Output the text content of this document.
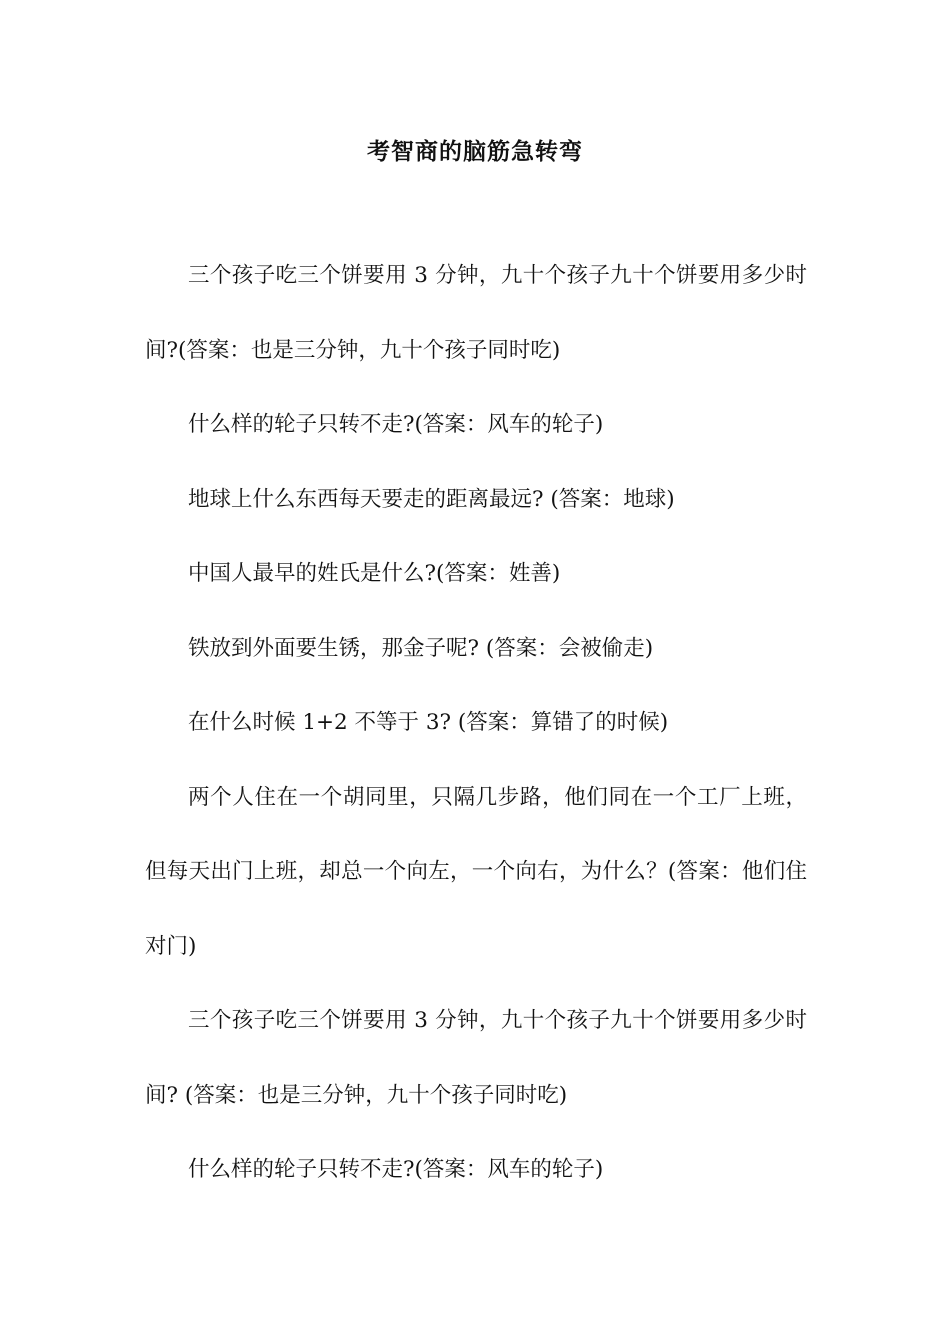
考智商的脑筋急转弯

三个孩子吃三个饼要用 3 分钟，九十个孩子九十个饼要用多少时间?(答案：也是三分钟，九十个孩子同时吃)

什么样的轮子只转不走?(答案：风车的轮子)

地球上什么东西每天要走的距离最远? (答案：地球)

中国人最早的姓氏是什么?(答案：姓善)

铁放到外面要生锈，那金子呢? (答案：会被偷走)

在什么时候 1+2 不等于 3? (答案：算错了的时候)

两个人住在一个胡同里，只隔几步路，他们同在一个工厂上班，但每天出门上班，却总一个向左，一个向右，为什么？(答案：他们住对门)

三个孩子吃三个饼要用 3 分钟，九十个孩子九十个饼要用多少时间? (答案：也是三分钟，九十个孩子同时吃)

什么样的轮子只转不走?(答案：风车的轮子)
